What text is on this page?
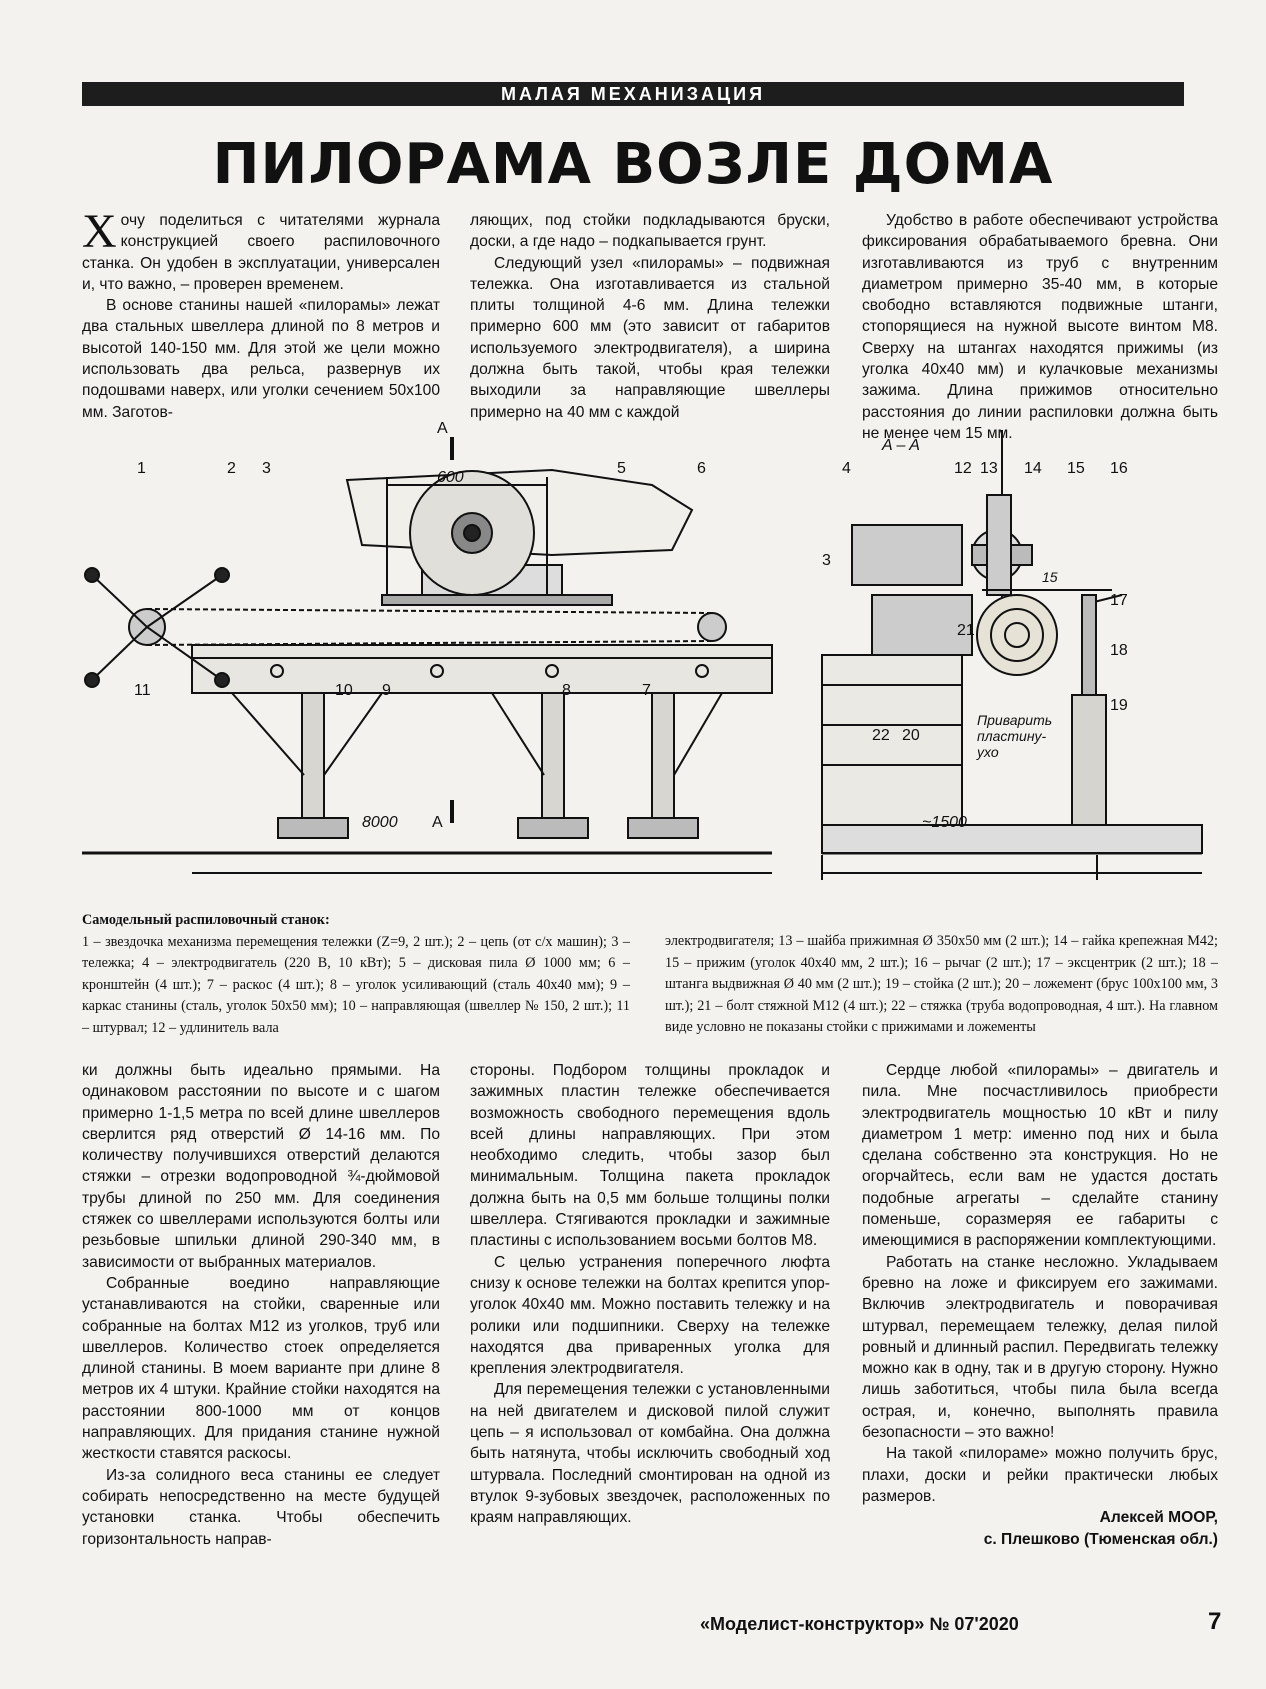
МАЛАЯ МЕХАНИЗАЦИЯ
ПИЛОРАМА ВОЗЛЕ ДОМА

Хочу поделиться с читателями журнала конструкцией своего распиловочного станка. Он удобен в эксплуатации, универсален и, что важно, – проверен временем.

В основе станины нашей «пилорамы» лежат два стальных швеллера длиной по 8 метров и высотой 140-150 мм. Для этой же цели можно использовать два рельса, развернув их подошвами наверх, или уголки сечением 50х100 мм. Заготов-

ляющих, под стойки подкладываются бруски, доски, а где надо – подкапывается грунт.

Следующий узел «пилорамы» – подвижная тележка. Она изготавливается из стальной плиты толщиной 4-6 мм. Длина тележки примерно 600 мм (это зависит от габаритов используемого электродвигателя), а ширина должна быть такой, чтобы края тележки выходили за направляющие швеллеры примерно на 40 мм с каждой

Удобство в работе обеспечивают устройства фиксирования обрабатываемого бревна. Они изготавливаются из труб с внутренним диаметром примерно 35-40 мм, в которые свободно вставляются подвижные штанги, стопорящиеся на нужной высоте винтом М8. Сверху на штангах находятся прижимы (из уголка 40х40 мм) и кулачковые механизмы зажима. Длина прижимов относительно расстояния до линии распиловки должна быть не менее чем 15 мм.

A
A
A – A
600
8000	~1500
15
Приварить
пластину-
ухо
1	2 3	5	6
7
8
9
10
11
4
3
12 13 14 15 16
17
18
19
20
21
22

Самодельный распиловочный станок:

1 – звездочка механизма перемещения тележки (Z=9, 2 шт.); 2 – цепь (от с/х машин); 3 – тележка; 4 – электродвигатель (220 В, 10 кВт); 5 – дисковая пила Ø 1000 мм; 6 – кронштейн (4 шт.); 7 – раскос (4 шт.); 8 – уголок усиливающий (сталь 40х40 мм); 9 – каркас станины (сталь, уголок 50х50 мм); 10 – направляющая (швеллер № 150, 2 шт.); 11 – штурвал; 12 – удлинитель вала

электродвигателя; 13 – шайба прижимная Ø 350х50 мм (2 шт.); 14 – гайка крепежная М42; 15 – прижим (уголок 40х40 мм, 2 шт.); 16 – рычаг (2 шт.); 17 – эксцентрик (2 шт.); 18 – штанга выдвижная Ø 40 мм (2 шт.); 19 – стойка (2 шт.); 20 – ложемент (брус 100х100 мм, 3 шт.); 21 – болт стяжной М12 (4 шт.); 22 – стяжка (труба водопроводная, 4 шт.). На главном виде условно не показаны стойки с прижимами и ложементы

ки должны быть идеально прямыми. На одинаковом расстоянии по высоте и с шагом примерно 1-1,5 метра по всей длине швеллеров сверлится ряд отверстий Ø 14-16 мм. По количеству получившихся отверстий делаются стяжки – отрезки водопроводной ¾-дюймовой трубы длиной по 250 мм. Для соединения стяжек со швеллерами используются болты или резьбовые шпильки длиной 290-340 мм, в зависимости от выбранных материалов.

Собранные воедино направляющие устанавливаются на стойки, сваренные или собранные на болтах М12 из уголков, труб или швеллеров. Количество стоек определяется длиной станины. В моем варианте при длине 8 метров их 4 штуки. Крайние стойки находятся на расстоянии 800-1000 мм от концов направляющих. Для придания станине нужной жесткости ставятся раскосы.

Из-за солидного веса станины ее следует собирать непосредственно на месте будущей установки станка. Чтобы обеспечить горизонтальность направ-

стороны. Подбором толщины прокладок и зажимных пластин тележке обеспечивается возможность свободного перемещения вдоль всей длины направляющих. При этом необходимо следить, чтобы зазор был минимальным. Толщина пакета прокладок должна быть на 0,5 мм больше толщины полки швеллера. Стягиваются прокладки и зажимные пластины с использованием восьми болтов М8.

С целью устранения поперечного люфта снизу к основе тележки на болтах крепится упор-уголок 40х40 мм. Можно поставить тележку и на ролики или подшипники. Сверху на тележке находятся два приваренных уголка для крепления электродвигателя.

Для перемещения тележки с установленными на ней двигателем и дисковой пилой служит цепь – я использовал от комбайна. Она должна быть натянута, чтобы исключить свободный ход штурвала. Последний смонтирован на одной из втулок 9-зубовых звездочек, расположенных по краям направляющих.

Сердце любой «пилорамы» – двигатель и пила. Мне посчастливилось приобрести электродвигатель мощностью 10 кВт и пилу диаметром 1 метр: именно под них и была сделана собственно эта конструкция. Но не огорчайтесь, если вам не удастся достать подобные агрегаты – сделайте станину поменьше, соразмеряя ее габариты с имеющимися в распоряжении комплектующими.

Работать на станке несложно. Укладываем бревно на ложе и фиксируем его зажимами. Включив электродвигатель и поворачивая штурвал, перемещаем тележку, делая пилой ровный и длинный распил. Передвигать тележку можно как в одну, так и в другую сторону. Нужно лишь заботиться, чтобы пила была всегда острая, и, конечно, выполнять правила безопасности – это важно!

На такой «пилораме» можно получить брус, плахи, доски и рейки практически любых размеров.

Алексей МООР,

с. Плешково (Тюменская обл.)

«Моделист-конструктор» № 07'2020	7
